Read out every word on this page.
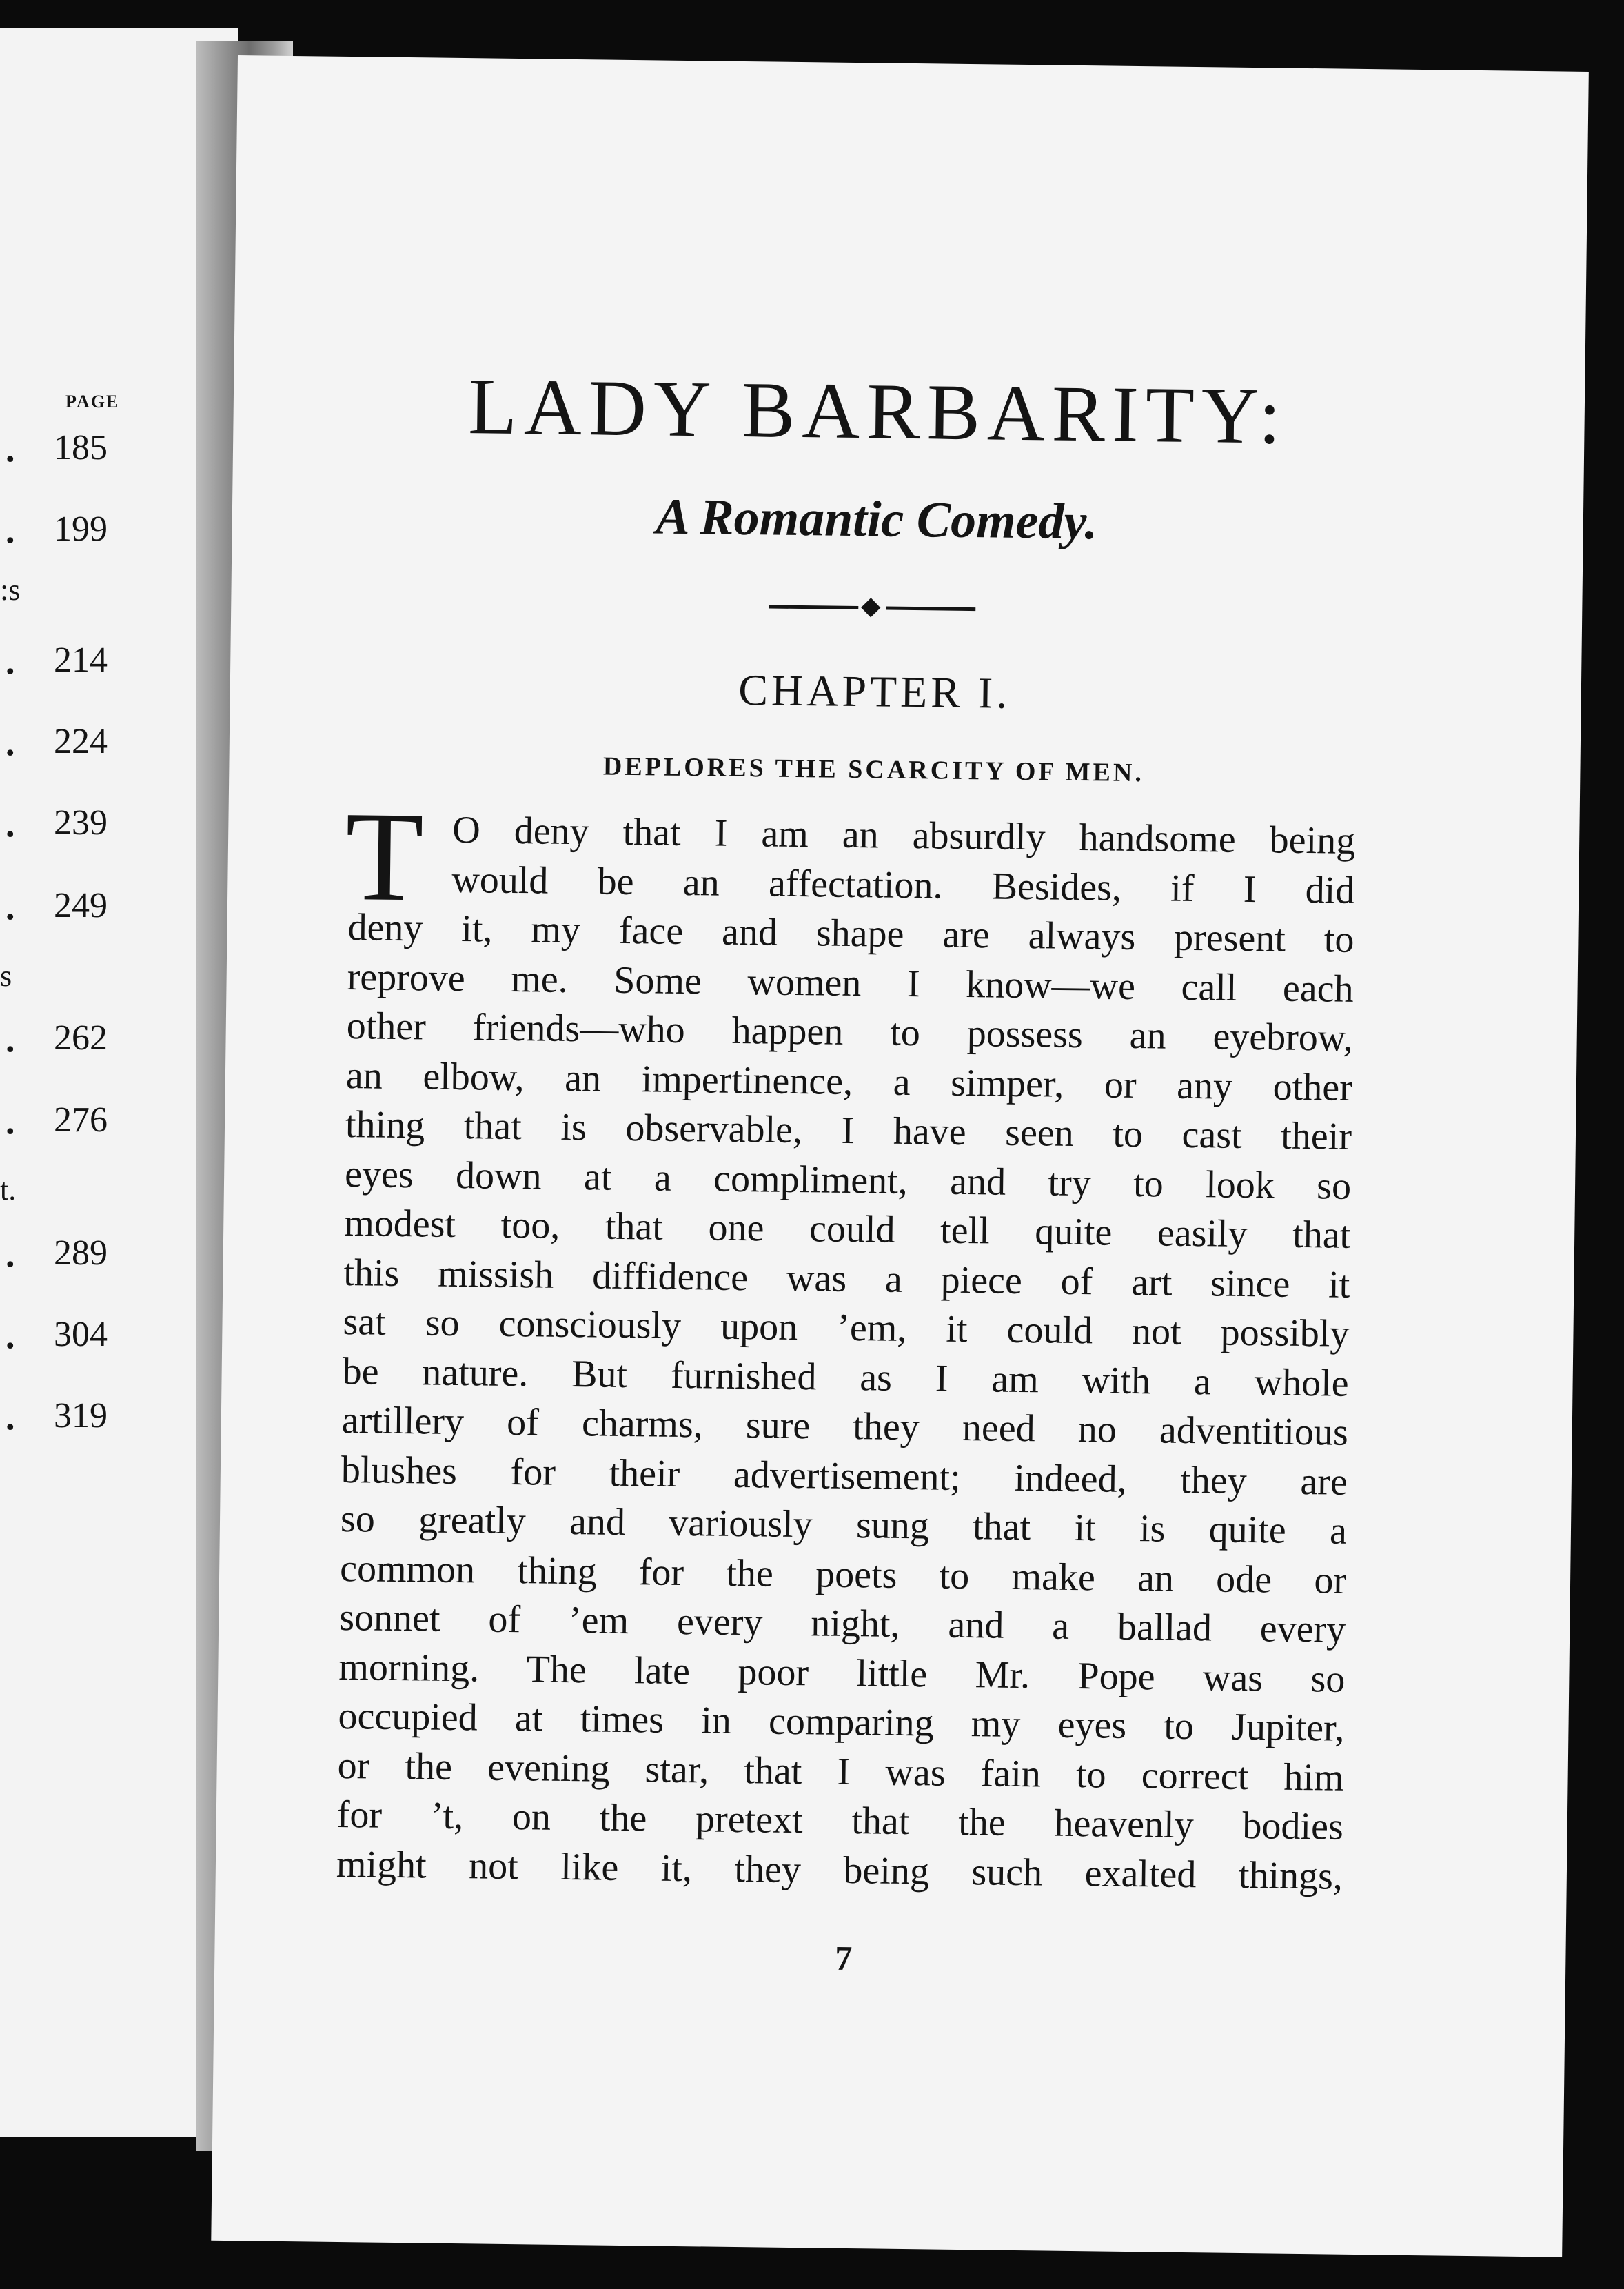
PAGE
. 185
. 199
:s
. 214
. 224
. 239
. 249
s
. 262
. 276
t.
. 289
. 304
. 319
LADY BARBARITY:
A Romantic Comedy.
CHAPTER I.
DEPLORES THE SCARCITY OF MEN.
T O deny that I am an absurdly handsome being
would be an affectation. Besides, if I did
deny it, my face and shape are always present to
reprove me. Some women I know—we call each
other friends—who happen to possess an eyebrow,
an elbow, an impertinence, a simper, or any other
thing that is observable, I have seen to cast their
eyes down at a compliment, and try to look so
modest too, that one could tell quite easily that
this missish diffidence was a piece of art since it
sat so consciously upon ’em, it could not possibly
be nature. But furnished as I am with a whole
artillery of charms, sure they need no adventitious
blushes for their advertisement; indeed, they are
so greatly and variously sung that it is quite a
common thing for the poets to make an ode or
sonnet of ’em every night, and a ballad every
morning. The late poor little Mr. Pope was so
occupied at times in comparing my eyes to Jupiter,
or the evening star, that I was fain to correct him
for ’t, on the pretext that the heavenly bodies
might not like it, they being such exalted things,
7
